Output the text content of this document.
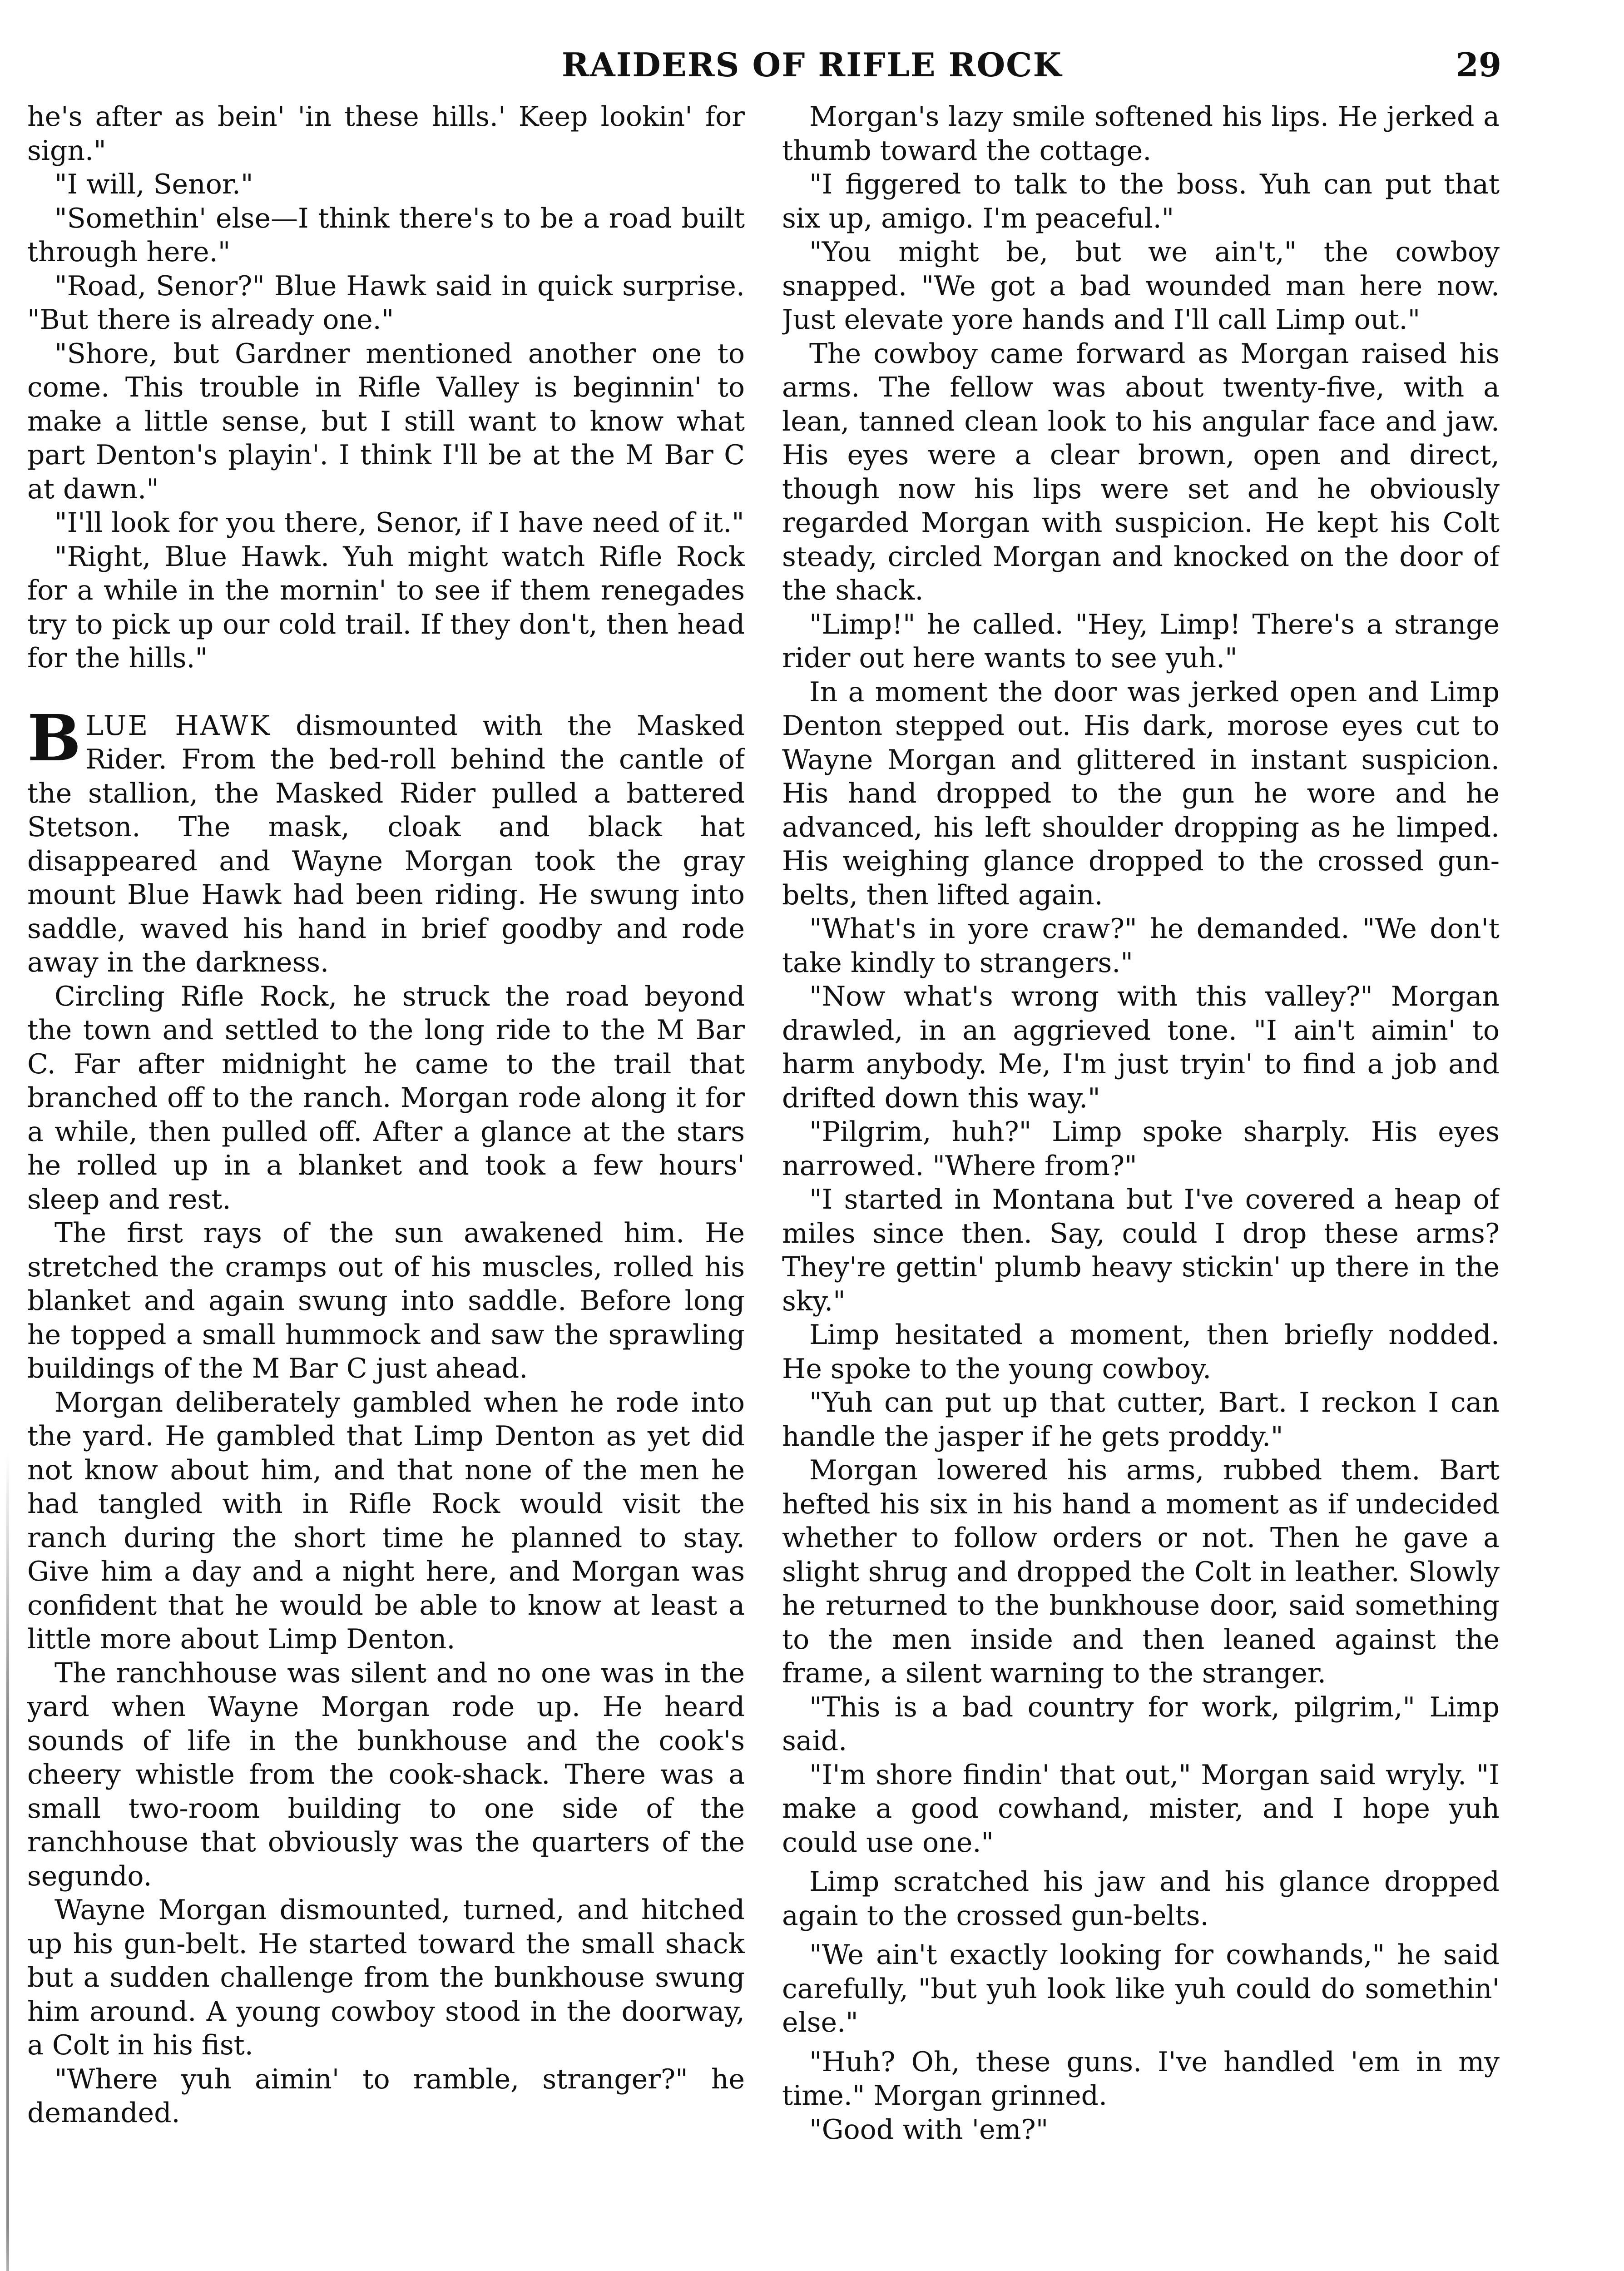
RAIDERS OF RIFLE ROCK	29

he's after as bein' 'in these hills.' Keep lookin' for sign."

"I will, Senor."

"Somethin' else—I think there's to be a road built through here."

"Road, Senor?" Blue Hawk said in quick surprise. "But there is already one."

"Shore, but Gardner mentioned another one to come. This trouble in Rifle Valley is beginnin' to make a little sense, but I still want to know what part Denton's playin'. I think I'll be at the M Bar C at dawn."

"I'll look for you there, Senor, if I have need of it."

"Right, Blue Hawk. Yuh might watch Rifle Rock for a while in the mornin' to see if them renegades try to pick up our cold trail. If they don't, then head for the hills."

BLUE HAWK dismounted with the Masked Rider. From the bed-roll behind the cantle of the stallion, the Masked Rider pulled a battered Stetson. The mask, cloak and black hat disappeared and Wayne Morgan took the gray mount Blue Hawk had been riding. He swung into saddle, waved his hand in brief goodby and rode away in the darkness.

Circling Rifle Rock, he struck the road beyond the town and settled to the long ride to the M Bar C. Far after midnight he came to the trail that branched off to the ranch. Morgan rode along it for a while, then pulled off. After a glance at the stars he rolled up in a blanket and took a few hours' sleep and rest.

The first rays of the sun awakened him. He stretched the cramps out of his muscles, rolled his blanket and again swung into saddle. Before long he topped a small hummock and saw the sprawling buildings of the M Bar C just ahead.

Morgan deliberately gambled when he rode into the yard. He gambled that Limp Denton as yet did not know about him, and that none of the men he had tangled with in Rifle Rock would visit the ranch during the short time he planned to stay. Give him a day and a night here, and Morgan was confident that he would be able to know at least a little more about Limp Denton.

The ranchhouse was silent and no one was in the yard when Wayne Morgan rode up. He heard sounds of life in the bunkhouse and the cook's cheery whistle from the cook-shack. There was a small two-room building to one side of the ranchhouse that obviously was the quarters of the segundo.

Wayne Morgan dismounted, turned, and hitched up his gun-belt. He started toward the small shack but a sudden challenge from the bunkhouse swung him around. A young cowboy stood in the doorway, a Colt in his fist.

"Where yuh aimin' to ramble, stranger?" he demanded.

Morgan's lazy smile softened his lips. He jerked a thumb toward the cottage.

"I figgered to talk to the boss. Yuh can put that six up, amigo. I'm peaceful."

"You might be, but we ain't," the cowboy snapped. "We got a bad wounded man here now. Just elevate yore hands and I'll call Limp out."

The cowboy came forward as Morgan raised his arms. The fellow was about twenty-five, with a lean, tanned clean look to his angular face and jaw. His eyes were a clear brown, open and direct, though now his lips were set and he obviously regarded Morgan with suspicion. He kept his Colt steady, circled Morgan and knocked on the door of the shack.

"Limp!" he called. "Hey, Limp! There's a strange rider out here wants to see yuh."

In a moment the door was jerked open and Limp Denton stepped out. His dark, morose eyes cut to Wayne Morgan and glittered in instant suspicion. His hand dropped to the gun he wore and he advanced, his left shoulder dropping as he limped. His weighing glance dropped to the crossed gun-belts, then lifted again.

"What's in yore craw?" he demanded. "We don't take kindly to strangers."

"Now what's wrong with this valley?" Morgan drawled, in an aggrieved tone. "I ain't aimin' to harm anybody. Me, I'm just tryin' to find a job and drifted down this way."

"Pilgrim, huh?" Limp spoke sharply. His eyes narrowed. "Where from?"

"I started in Montana but I've covered a heap of miles since then. Say, could I drop these arms? They're gettin' plumb heavy stickin' up there in the sky."

Limp hesitated a moment, then briefly nodded. He spoke to the young cowboy.

"Yuh can put up that cutter, Bart. I reckon I can handle the jasper if he gets proddy."

Morgan lowered his arms, rubbed them. Bart hefted his six in his hand a moment as if undecided whether to follow orders or not. Then he gave a slight shrug and dropped the Colt in leather. Slowly he returned to the bunkhouse door, said something to the men inside and then leaned against the frame, a silent warning to the stranger.

"This is a bad country for work, pilgrim," Limp said.

"I'm shore findin' that out," Morgan said wryly. "I make a good cowhand, mister, and I hope yuh could use one."

Limp scratched his jaw and his glance dropped again to the crossed gun-belts.

"We ain't exactly looking for cowhands," he said carefully, "but yuh look like yuh could do somethin' else."

"Huh? Oh, these guns. I've handled 'em in my time." Morgan grinned.

"Good with 'em?"
